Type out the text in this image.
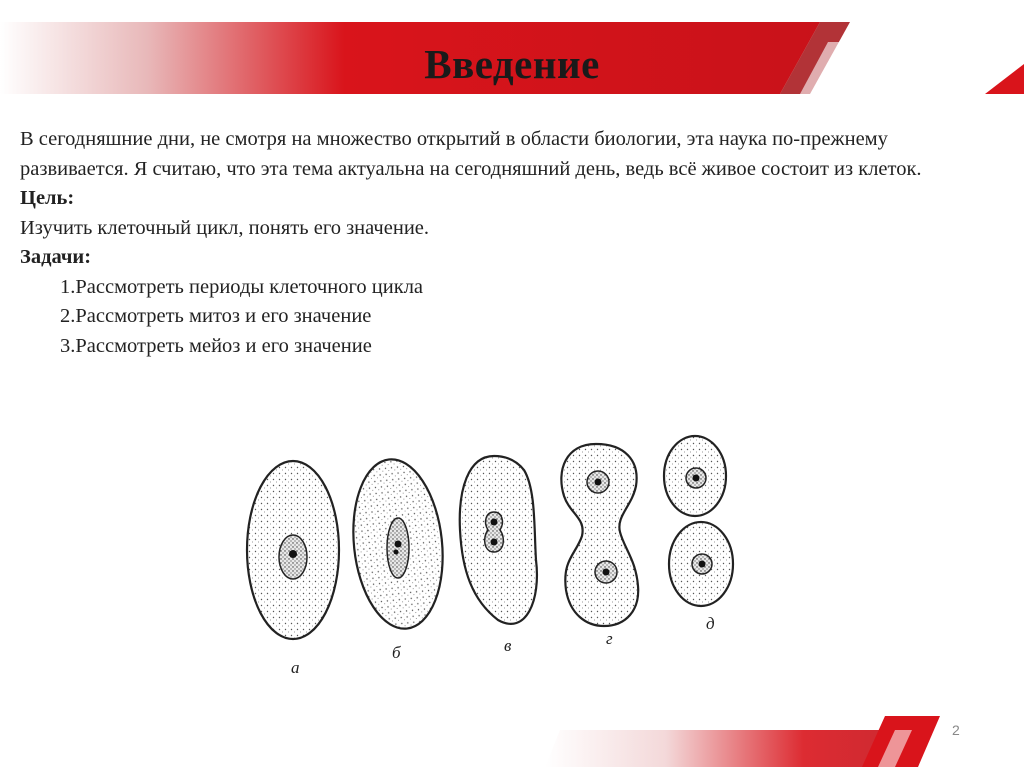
Введение

В сегодняшние дни, не смотря на множество открытий в области биологии, эта наука по-прежнему развивается. Я считаю, что эта тема актуальна на сегодняшний день, ведь всё живое состоит из клеток.

Цель:

Изучить клеточный цикл, понять его значение.

Задачи:

1.Рассмотреть периоды клеточного цикла
2.Рассмотреть митоз и его значение
3.Рассмотреть мейоз и его значение
а
б	в	г
д
2
